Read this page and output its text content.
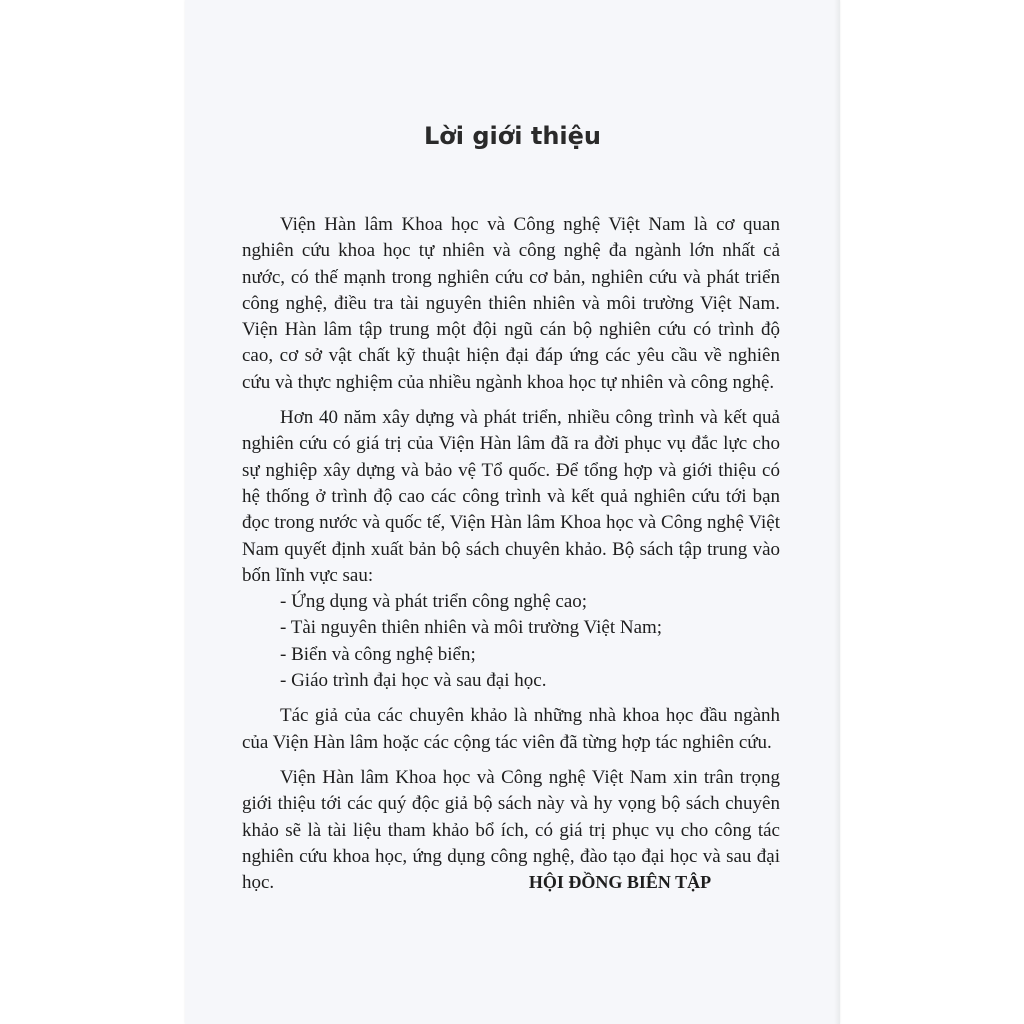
Lời giới thiệu

Viện Hàn lâm Khoa học và Công nghệ Việt Nam là cơ quan nghiên cứu khoa học tự nhiên và công nghệ đa ngành lớn nhất cả nước, có thế mạnh trong nghiên cứu cơ bản, nghiên cứu và phát triển công nghệ, điều tra tài nguyên thiên nhiên và môi trường Việt Nam. Viện Hàn lâm tập trung một đội ngũ cán bộ nghiên cứu có trình độ cao, cơ sở vật chất kỹ thuật hiện đại đáp ứng các yêu cầu về nghiên cứu và thực nghiệm của nhiều ngành khoa học tự nhiên và công nghệ.

Hơn 40 năm xây dựng và phát triển, nhiều công trình và kết quả nghiên cứu có giá trị của Viện Hàn lâm đã ra đời phục vụ đắc lực cho sự nghiệp xây dựng và bảo vệ Tổ quốc. Để tổng hợp và giới thiệu có hệ thống ở trình độ cao các công trình và kết quả nghiên cứu tới bạn đọc trong nước và quốc tế, Viện Hàn lâm Khoa học và Công nghệ Việt Nam quyết định xuất bản bộ sách chuyên khảo. Bộ sách tập trung vào bốn lĩnh vực sau:

- Ứng dụng và phát triển công nghệ cao;
- Tài nguyên thiên nhiên và môi trường Việt Nam;
- Biển và công nghệ biển;
- Giáo trình đại học và sau đại học.

Tác giả của các chuyên khảo là những nhà khoa học đầu ngành của Viện Hàn lâm hoặc các cộng tác viên đã từng hợp tác nghiên cứu.

Viện Hàn lâm Khoa học và Công nghệ Việt Nam xin trân trọng giới thiệu tới các quý độc giả bộ sách này và hy vọng bộ sách chuyên khảo sẽ là tài liệu tham khảo bổ ích, có giá trị phục vụ cho công tác nghiên cứu khoa học, ứng dụng công nghệ, đào tạo đại học và sau đại học.	HỘI ĐỒNG BIÊN TẬP
